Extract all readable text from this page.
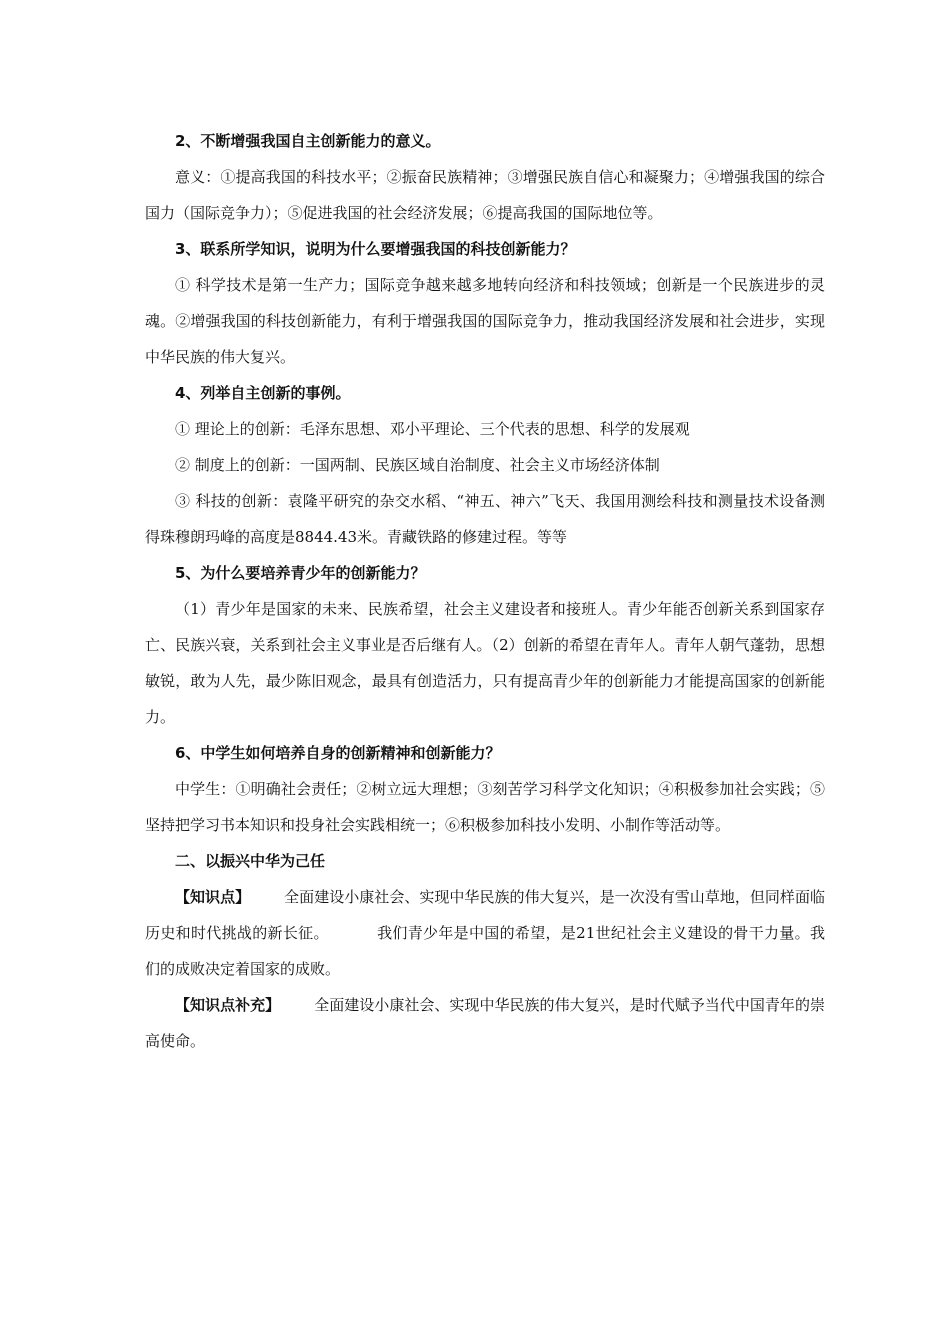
2、不断增强我国自主创新能力的意义。

意义：①提高我国的科技水平；②振奋民族精神；③增强民族自信心和凝聚力；④增强我国的综合国力（国际竞争力）；⑤促进我国的社会经济发展；⑥提高我国的国际地位等。

3、联系所学知识，说明为什么要增强我国的科技创新能力？

① 科学技术是第一生产力；国际竞争越来越多地转向经济和科技领域；创新是一个民族进步的灵魂。②增强我国的科技创新能力，有利于增强我国的国际竞争力，推动我国经济发展和社会进步，实现中华民族的伟大复兴。

4、列举自主创新的事例。

① 理论上的创新：毛泽东思想、邓小平理论、三个代表的思想、科学的发展观

② 制度上的创新：一国两制、民族区域自治制度、社会主义市场经济体制

③ 科技的创新：袁隆平研究的杂交水稻、“神五、神六”飞天、我国用测绘科技和测量技术设备测得珠穆朗玛峰的高度是8844.43米。青藏铁路的修建过程。等等

5、为什么要培养青少年的创新能力？

（1）青少年是国家的未来、民族希望，社会主义建设者和接班人。青少年能否创新关系到国家存亡、民族兴衰，关系到社会主义事业是否后继有人。（2）创新的希望在青年人。青年人朝气蓬勃，思想敏锐，敢为人先，最少陈旧观念，最具有创造活力，只有提高青少年的创新能力才能提高国家的创新能力。

6、中学生如何培养自身的创新精神和创新能力？

中学生：①明确社会责任；②树立远大理想；③刻苦学习科学文化知识；④积极参加社会实践；⑤坚持把学习书本知识和投身社会实践相统一；⑥积极参加科技小发明、小制作等活动等。

二、以振兴中华为己任

【知识点】 全面建设小康社会、实现中华民族的伟大复兴，是一次没有雪山草地，但同样面临历史和时代挑战的新长征。	我们青少年是中国的希望，是21世纪社会主义建设的骨干力量。我们的成败决定着国家的成败。

【知识点补充】 全面建设小康社会、实现中华民族的伟大复兴，是时代赋予当代中国青年的崇高使命。
